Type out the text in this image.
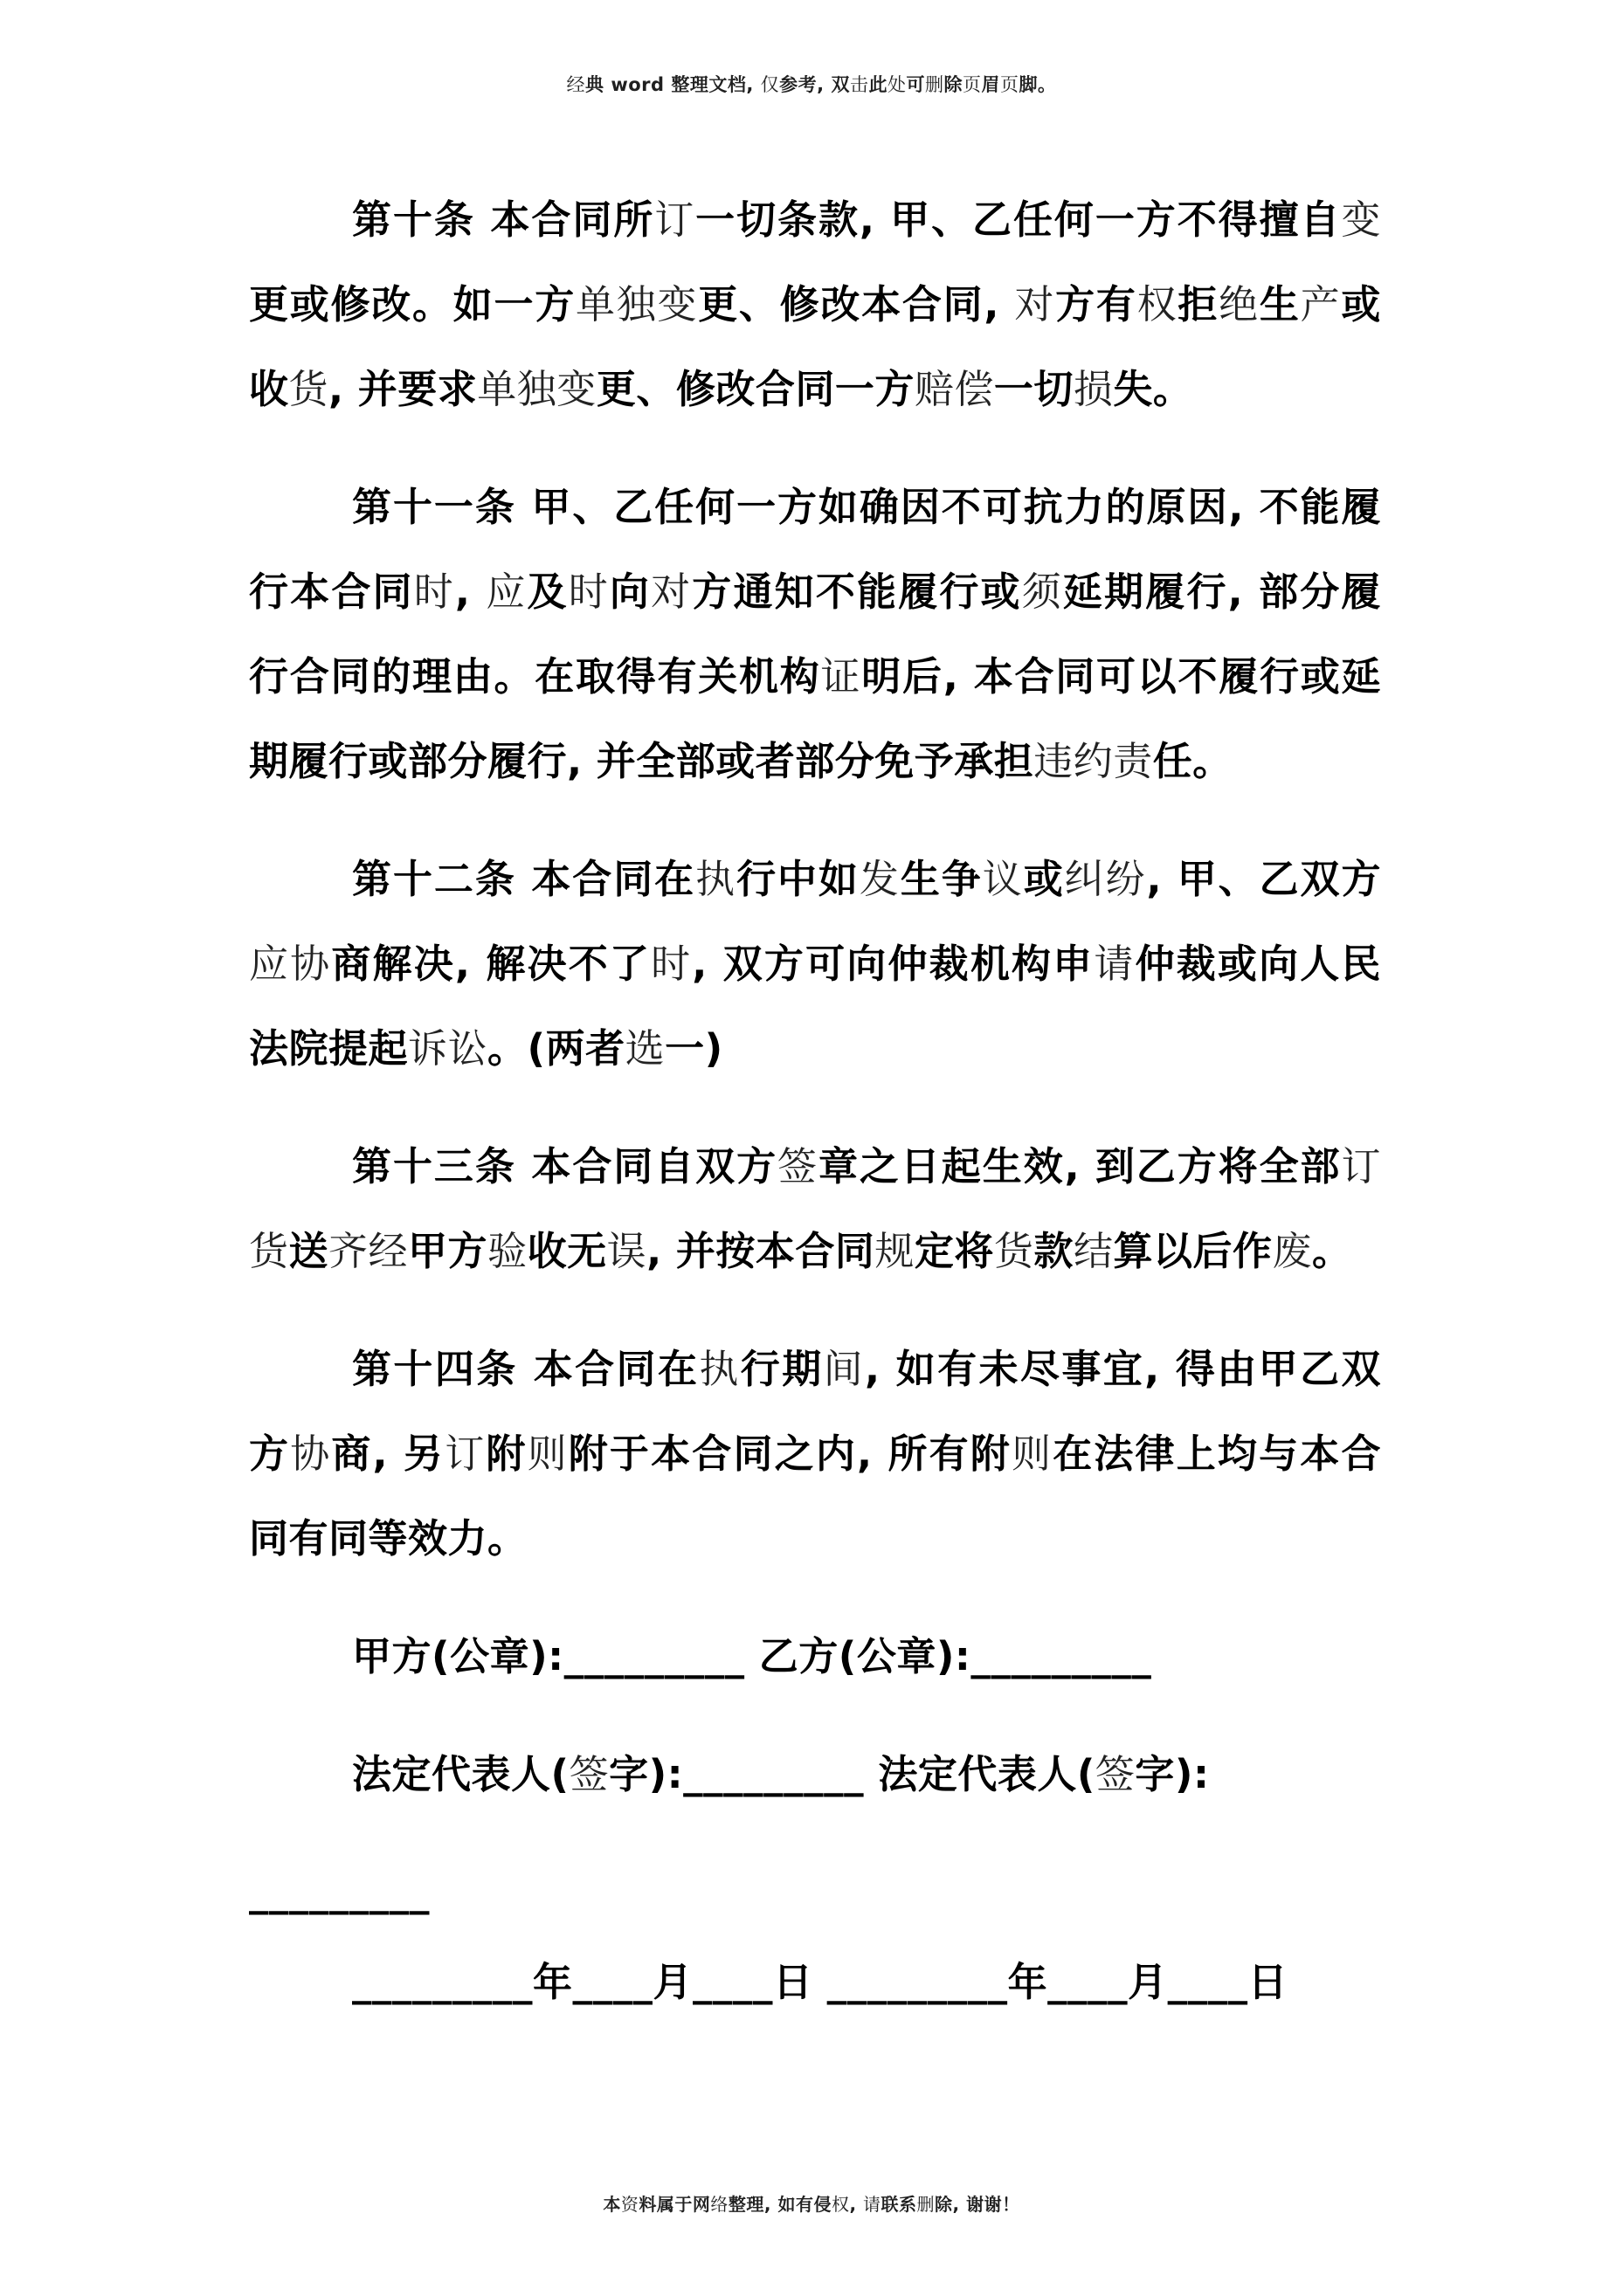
经典 word 整理文档, 仅参考, 双击此处可删除页眉页脚。
第十条 本合同所订一切条款, 甲、乙任何一方不得擅自变
更或修改。如一方单独变更、修改本合同, 对方有权拒绝生产或
收货, 并要求单独变更、修改合同一方赔偿一切损失。
第十一条 甲、乙任何一方如确因不可抗力的原因, 不能履
行本合同时, 应及时向对方通知不能履行或须延期履行, 部分履
行合同的理由。在取得有关机构证明后, 本合同可以不履行或延
期履行或部分履行, 并全部或者部分免予承担违约责任。
第十二条 本合同在执行中如发生争议或纠纷, 甲、乙双方
应协商解决, 解决不了时, 双方可向仲裁机构申请仲裁或向人民
法院提起诉讼。(两者选一)
第十三条 本合同自双方签章之日起生效, 到乙方将全部订
货送齐经甲方验收无误, 并按本合同规定将货款结算以后作废。
第十四条 本合同在执行期间, 如有未尽事宜, 得由甲乙双
方协商, 另订附则附于本合同之内, 所有附则在法律上均与本合
同有同等效力。
甲方(公章):_________ 乙方(公章):_________
法定代表人(签字):_________ 法定代表人(签字):
_________
_________年____月____日 _________年____月____日
本资料属于网络整理, 如有侵权, 请联系删除, 谢谢！
